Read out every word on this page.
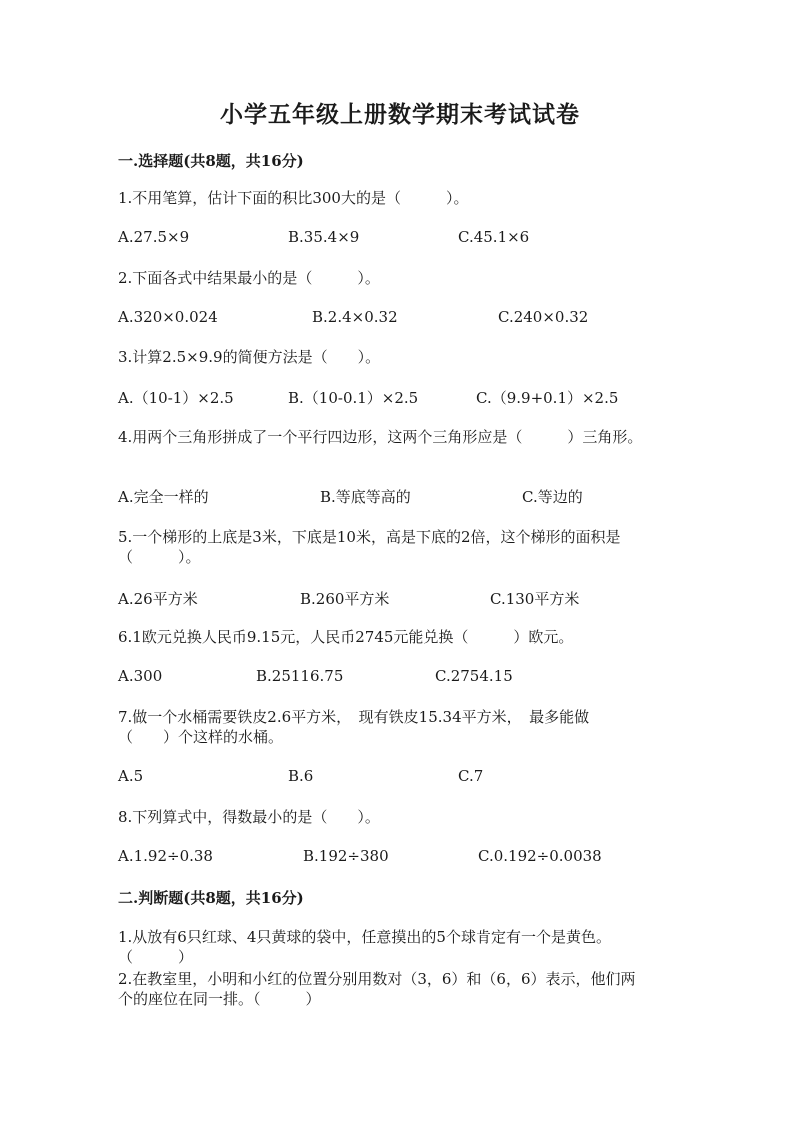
小学五年级上册数学期末考试试卷
一.选择题(共8题，共16分)
1.不用笔算，估计下面的积比300大的是（　　　）。
A.27.5×9	B.35.4×9	C.45.1×6
2.下面各式中结果最小的是（　　　）。
A.320×0.024	B.2.4×0.32	C.240×0.32
3.计算2.5×9.9的简便方法是（　　）。
A.（10-1）×2.5	B.（10-0.1）×2.5	C.（9.9+0.1）×2.5
4.用两个三角形拼成了一个平行四边形，这两个三角形应是（　　　）三角形。
A.完全一样的	B.等底等高的	C.等边的
5.一个梯形的上底是3米，下底是10米，高是下底的2倍，这个梯形的面积是
（　　　）。
A.26平方米	B.260平方米	C.130平方米
6.1欧元兑换人民币9.15元，人民币2745元能兑换（　　　）欧元。
A.300	B.25116.75	C.2754.15
7.做一个水桶需要铁皮2.6平方米，　现有铁皮15.34平方米，　最多能做
（　　）个这样的水桶。
A.5	B.6	C.7
8.下列算式中，得数最小的是（　　）。
A.1.92÷0.38	B.192÷380	C.0.192÷0.0038
二.判断题(共8题，共16分)
1.从放有6只红球、4只黄球的袋中，任意摸出的5个球肯定有一个是黄色。
（　　　）
2.在教室里，小明和小红的位置分别用数对（3，6）和（6，6）表示，他们两
个的座位在同一排。（　　　）
